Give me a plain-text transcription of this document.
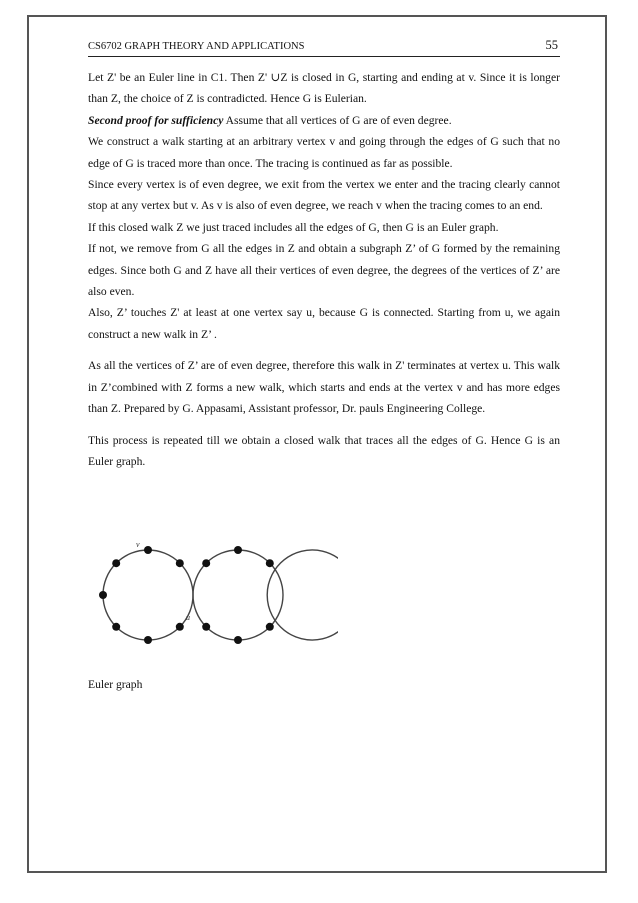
CS6702 GRAPH THEORY AND APPLICATIONS	55

Let Z' be an Euler line in C1. Then Z' ∪Z is closed in G, starting and ending at v. Since it is longer than Z, the choice of Z is contradicted. Hence G is Eulerian.

Second proof for sufficiency Assume that all vertices of G are of even degree.

We construct a walk starting at an arbitrary vertex v and going through the edges of G such that no edge of G is traced more than once. The tracing is continued as far as possible.

Since every vertex is of even degree, we exit from the vertex we enter and the tracing clearly cannot stop at any vertex but v. As v is also of even degree, we reach v when the tracing comes to an end.

If this closed walk Z we just traced includes all the edges of G, then G is an Euler graph.

If not, we remove from G all the edges in Z and obtain a subgraph Z’ of G formed by the remaining edges. Since both G and Z have all their vertices of even degree, the degrees of the vertices of Z’ are also even.

Also, Z’ touches Z' at least at one vertex say u, because G is connected. Starting from u, we again construct a new walk in Z’ .

As all the vertices of Z’ are of even degree, therefore this walk in Z' terminates at vertex u. This walk in Z’combined with Z forms a new walk, which starts and ends at the vertex v and has more edges than Z. Prepared by G. Appasami, Assistant professor, Dr. pauls Engineering College.

This process is repeated till we obtain a closed walk that traces all the edges of G. Hence G is an Euler graph.

v
u
Euler graph
